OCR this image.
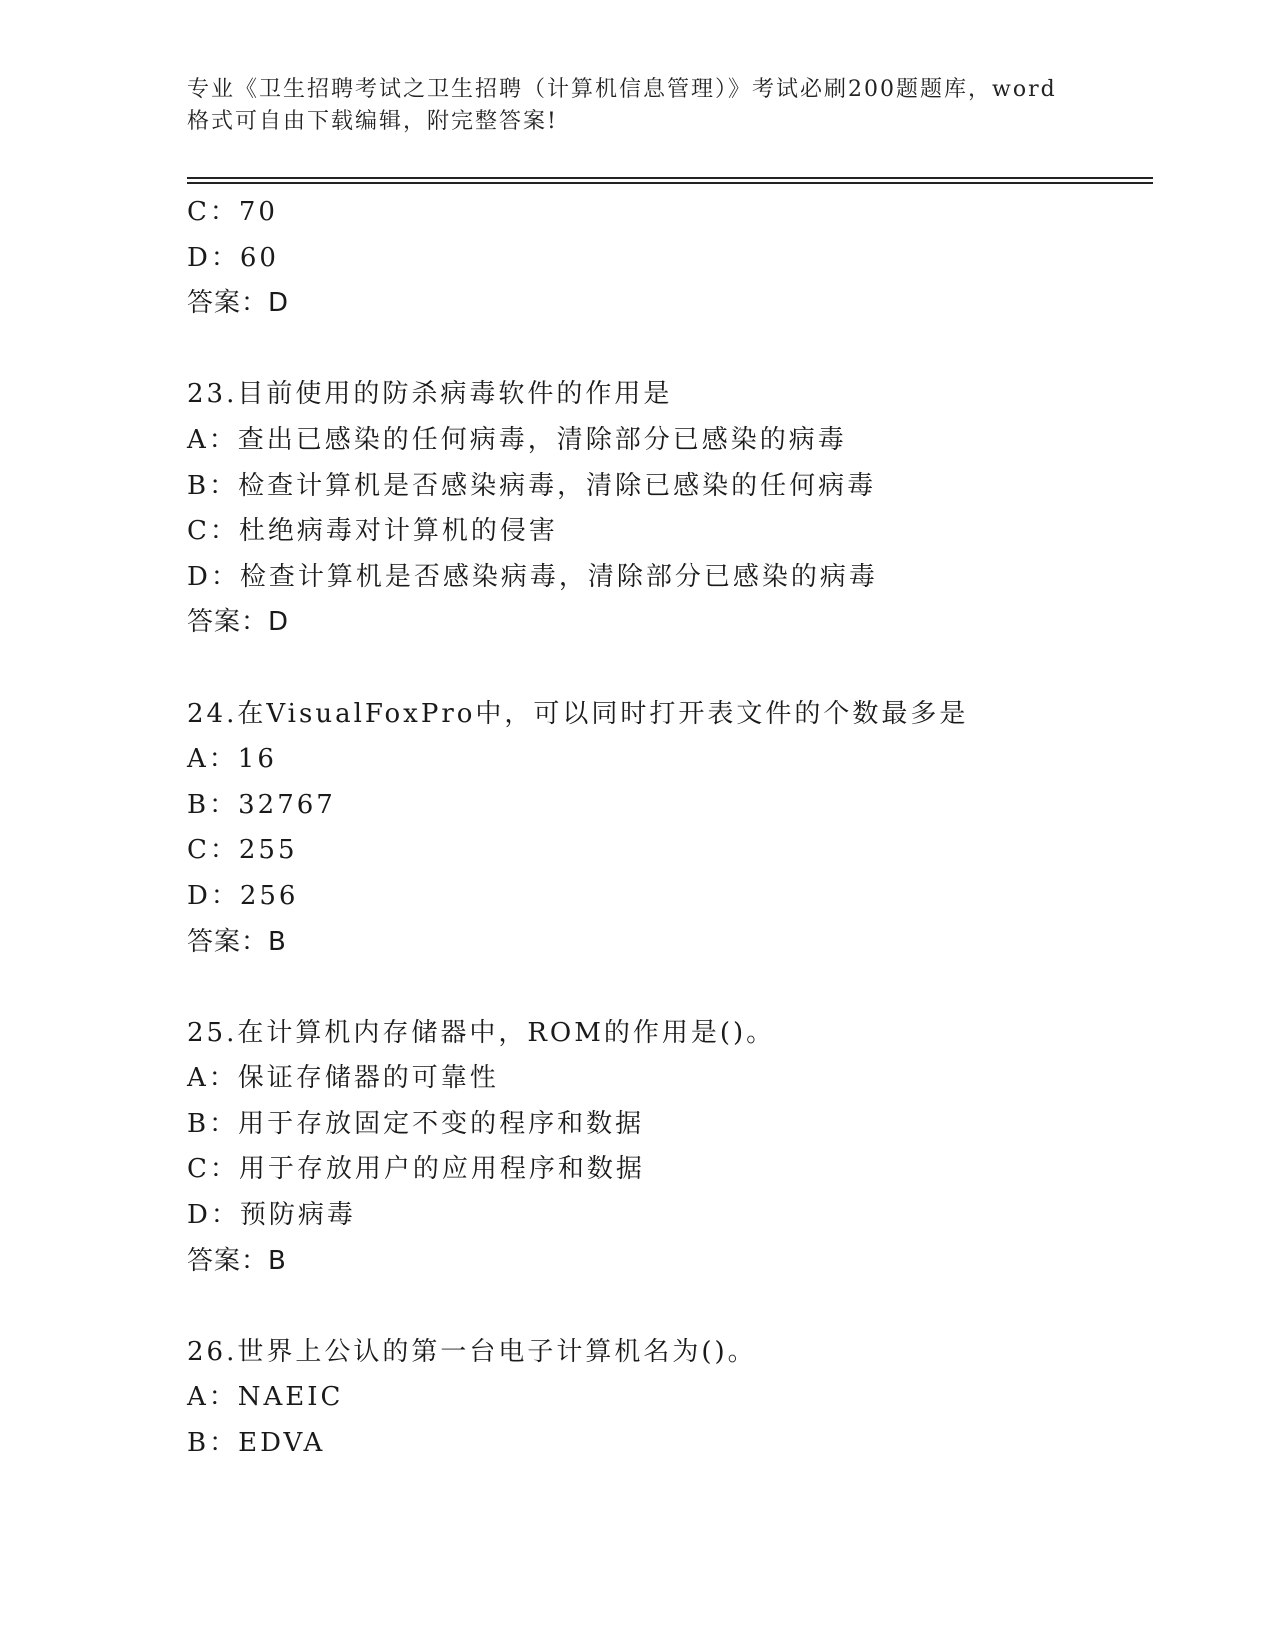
专业《卫生招聘考试之卫生招聘（计算机信息管理）》考试必刷200题题库，word
格式可自由下载编辑，附完整答案!
C：70
D：60
答案：D
23.目前使用的防杀病毒软件的作用是
A：查出已感染的任何病毒，清除部分已感染的病毒
B：检查计算机是否感染病毒，清除已感染的任何病毒
C：杜绝病毒对计算机的侵害
D：检查计算机是否感染病毒，清除部分已感染的病毒
答案：D
24.在VisualFoxPro中，可以同时打开表文件的个数最多是
A：16
B：32767
C：255
D：256
答案：B
25.在计算机内存储器中，ROM的作用是()。
A：保证存储器的可靠性
B：用于存放固定不变的程序和数据
C：用于存放用户的应用程序和数据
D：预防病毒
答案：B
26.世界上公认的第一台电子计算机名为()。
A：NAEIC
B：EDVA
